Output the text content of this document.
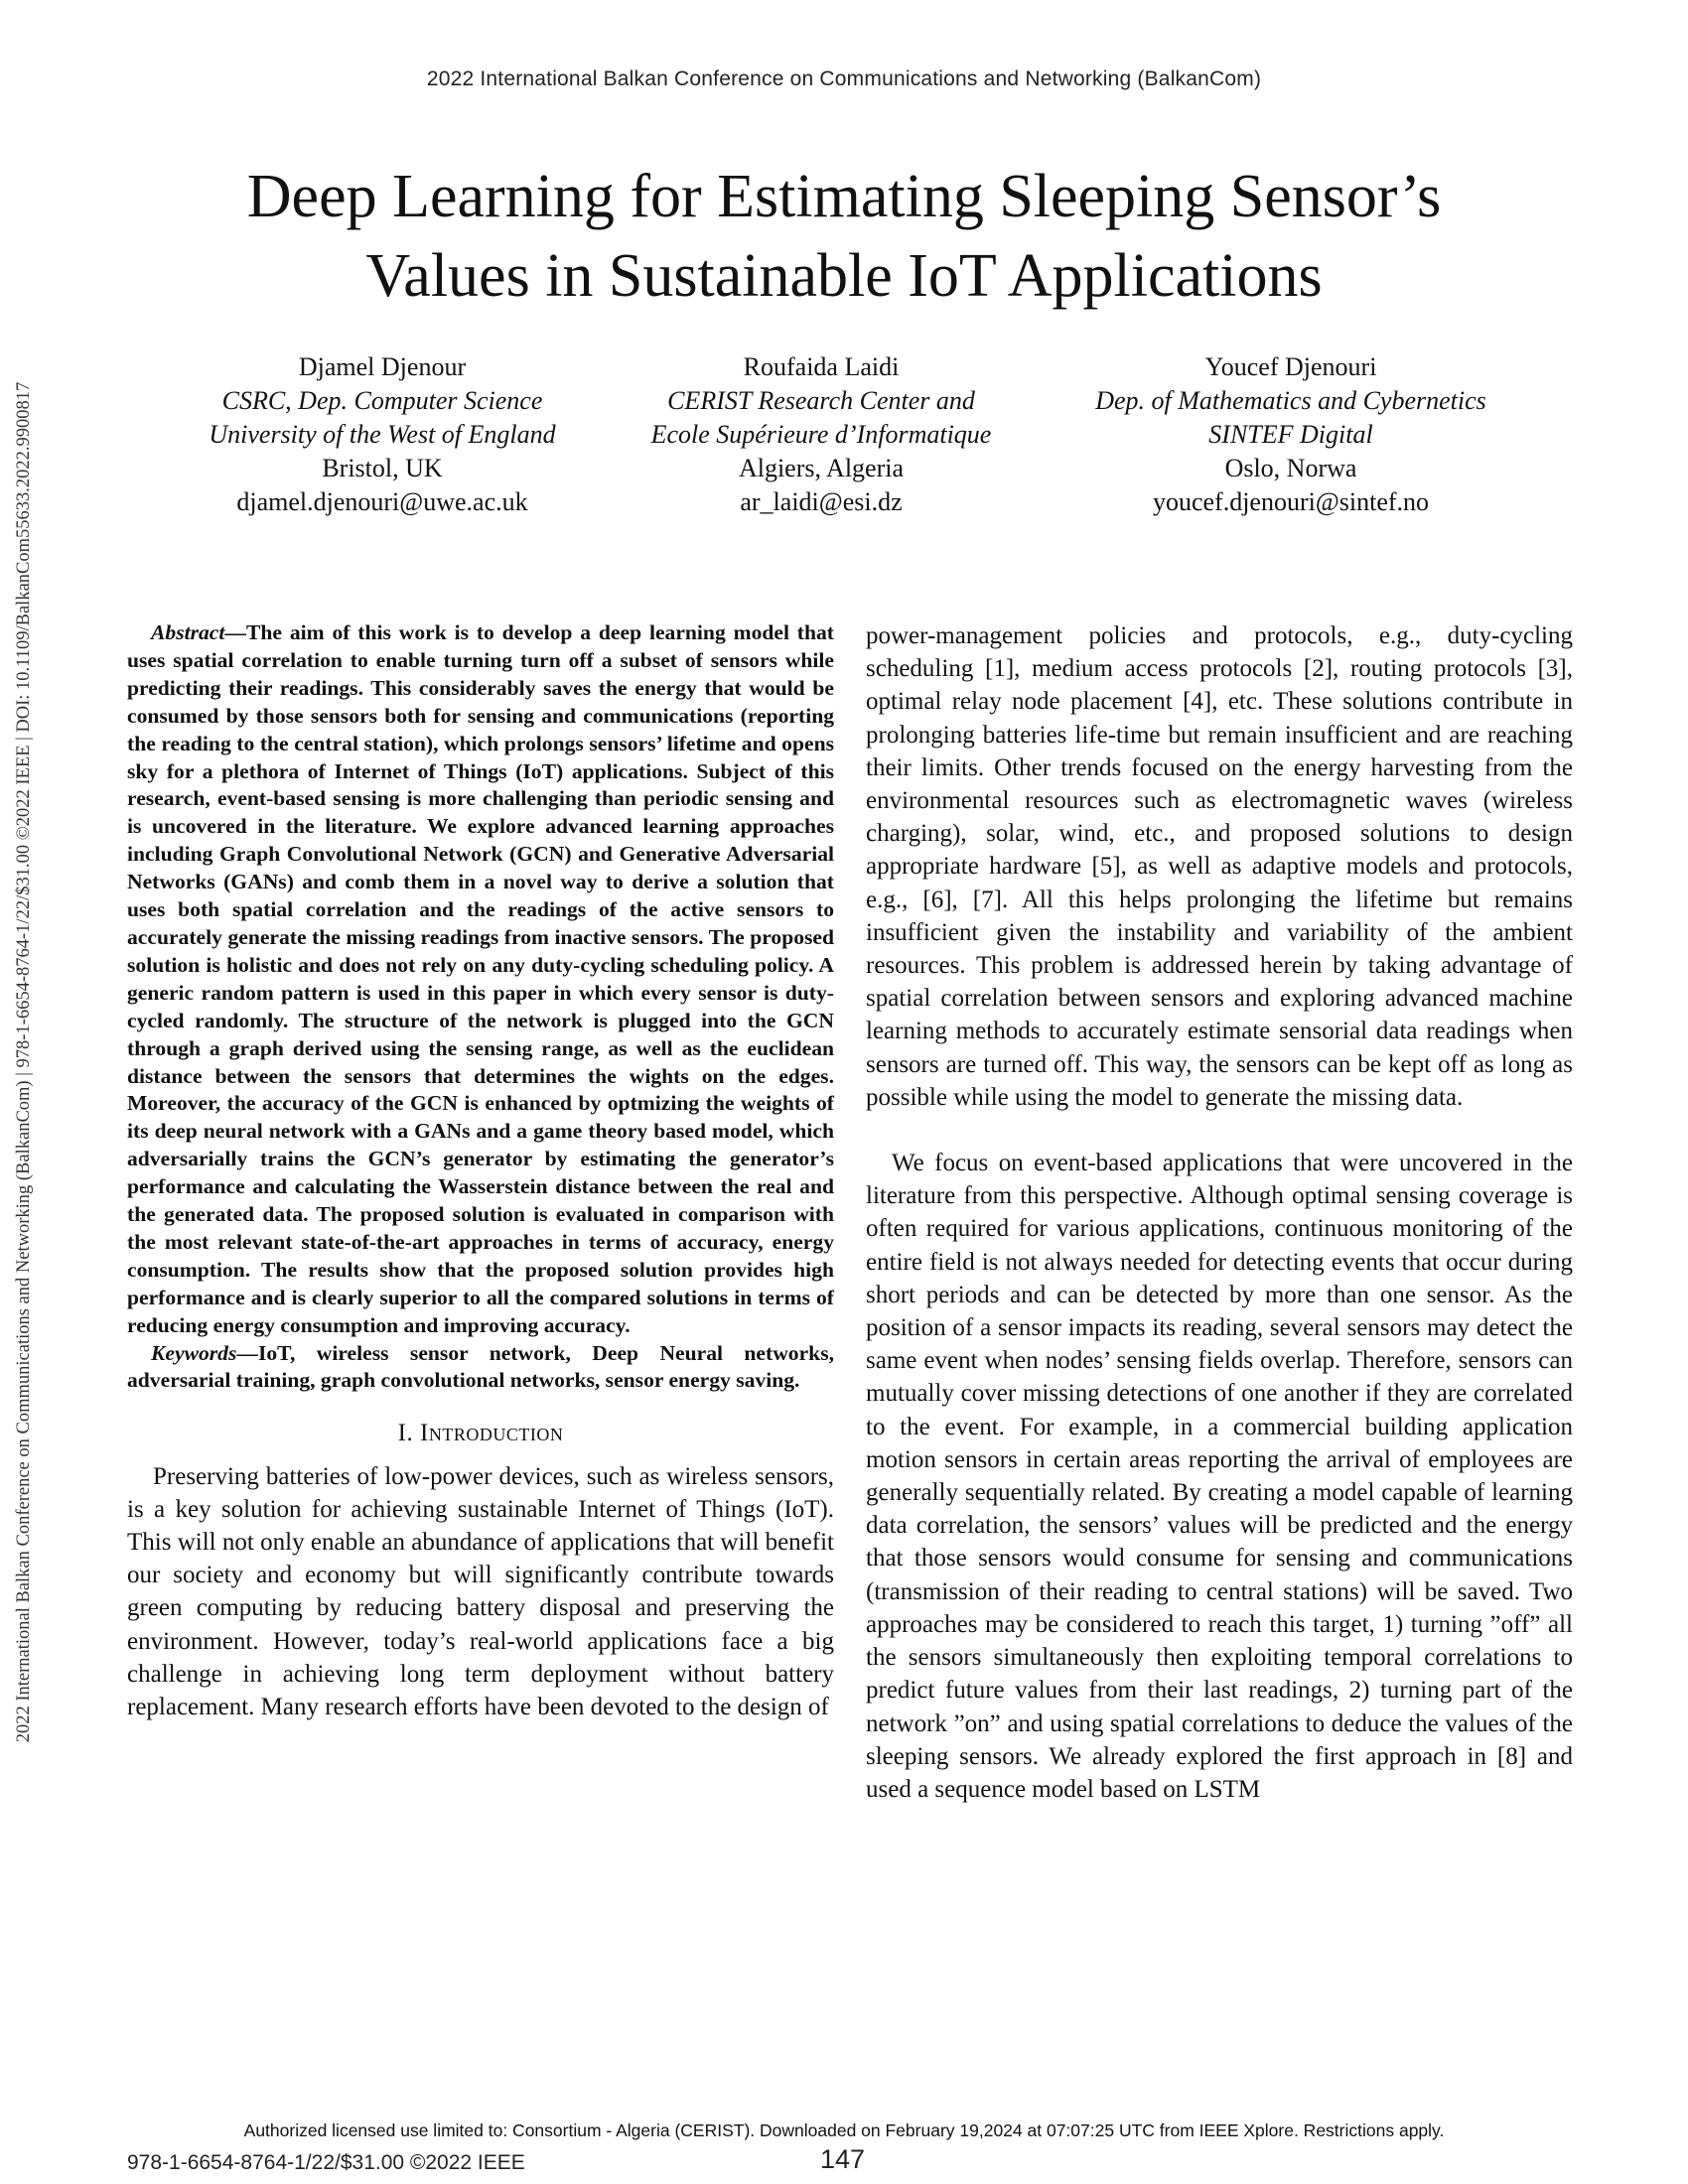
2022 International Balkan Conference on Communications and Networking (BalkanCom)
2022 International Balkan Conference on Communications and Networking (BalkanCom) | 978-1-6654-8764-1/22/$31.00 ©2022 IEEE | DOI: 10.1109/BalkanCom55633.2022.9900817
Deep Learning for Estimating Sleeping Sensor’s
Values in Sustainable IoT Applications
Djamel Djenour
CSRC, Dep. Computer Science
University of the West of England
Bristol, UK
djamel.djenouri@uwe.ac.uk
Roufaida Laidi
CERIST Research Center and
Ecole Supérieure d’Informatique
Algiers, Algeria
ar_laidi@esi.dz
Youcef Djenouri
Dep. of Mathematics and Cybernetics
SINTEF Digital
Oslo, Norwa
youcef.djenouri@sintef.no

Abstract—The aim of this work is to develop a deep learning model that uses spatial correlation to enable turning turn off a subset of sensors while predicting their readings. This considerably saves the energy that would be consumed by those sensors both for sensing and communications (reporting the reading to the central station), which prolongs sensors’ lifetime and opens sky for a plethora of Internet of Things (IoT) applications. Subject of this research, event-based sensing is more challenging than periodic sensing and is uncovered in the literature. We explore advanced learning approaches including Graph Convolutional Network (GCN) and Generative Adversarial Networks (GANs) and comb them in a novel way to derive a solution that uses both spatial correlation and the readings of the active sensors to accurately generate the missing readings from inactive sensors. The proposed solution is holistic and does not rely on any duty-cycling scheduling policy. A generic random pattern is used in this paper in which every sensor is duty-cycled randomly. The structure of the network is plugged into the GCN through a graph derived using the sensing range, as well as the euclidean distance between the sensors that determines the wights on the edges. Moreover, the accuracy of the GCN is enhanced by optmizing the weights of its deep neural network with a GANs and a game theory based model, which adversarially trains the GCN’s generator by estimating the generator’s performance and calculating the Wasserstein distance between the real and the generated data. The proposed solution is evaluated in comparison with the most relevant state-of-the-art approaches in terms of accuracy, energy consumption. The results show that the proposed solution provides high performance and is clearly superior to all the compared solutions in terms of reducing energy consumption and improving accuracy.

Keywords—IoT, wireless sensor network, Deep Neural networks, adversarial training, graph convolutional networks, sensor energy saving.

I. Introduction

Preserving batteries of low-power devices, such as wireless sensors, is a key solution for achieving sustainable Internet of Things (IoT). This will not only enable an abundance of applications that will benefit our society and economy but will significantly contribute towards green computing by reducing battery disposal and preserving the environment. However, today’s real-world applications face a big challenge in achieving long term deployment without battery replacement. Many research efforts have been devoted to the design of

power-management policies and protocols, e.g., duty-cycling scheduling [1], medium access protocols [2], routing protocols [3], optimal relay node placement [4], etc. These solutions contribute in prolonging batteries life-time but remain insufficient and are reaching their limits. Other trends focused on the energy harvesting from the environmental resources such as electromagnetic waves (wireless charging), solar, wind, etc., and proposed solutions to design appropriate hardware [5], as well as adaptive models and protocols, e.g., [6], [7]. All this helps prolonging the lifetime but remains insufficient given the instability and variability of the ambient resources. This problem is addressed herein by taking advantage of spatial correlation between sensors and exploring advanced machine learning methods to accurately estimate sensorial data readings when sensors are turned off. This way, the sensors can be kept off as long as possible while using the model to generate the missing data.

We focus on event-based applications that were uncovered in the literature from this perspective. Although optimal sensing coverage is often required for various applications, continuous monitoring of the entire field is not always needed for detecting events that occur during short periods and can be detected by more than one sensor. As the position of a sensor impacts its reading, several sensors may detect the same event when nodes’ sensing fields overlap. Therefore, sensors can mutually cover missing detections of one another if they are correlated to the event. For example, in a commercial building application motion sensors in certain areas reporting the arrival of employees are generally sequentially related. By creating a model capable of learning data correlation, the sensors’ values will be predicted and the energy that those sensors would consume for sensing and communications (transmission of their reading to central stations) will be saved. Two approaches may be considered to reach this target, 1) turning ”off” all the sensors simultaneously then exploiting temporal correlations to predict future values from their last readings, 2) turning part of the network ”on” and using spatial correlations to deduce the values of the sleeping sensors. We already explored the first approach in [8] and used a sequence model based on LSTM

Authorized licensed use limited to: Consortium - Algeria (CERIST). Downloaded on February 19,2024 at 07:07:25 UTC from IEEE Xplore. Restrictions apply.
978-1-6654-8764-1/22/$31.00 ©2022 IEEE	147
